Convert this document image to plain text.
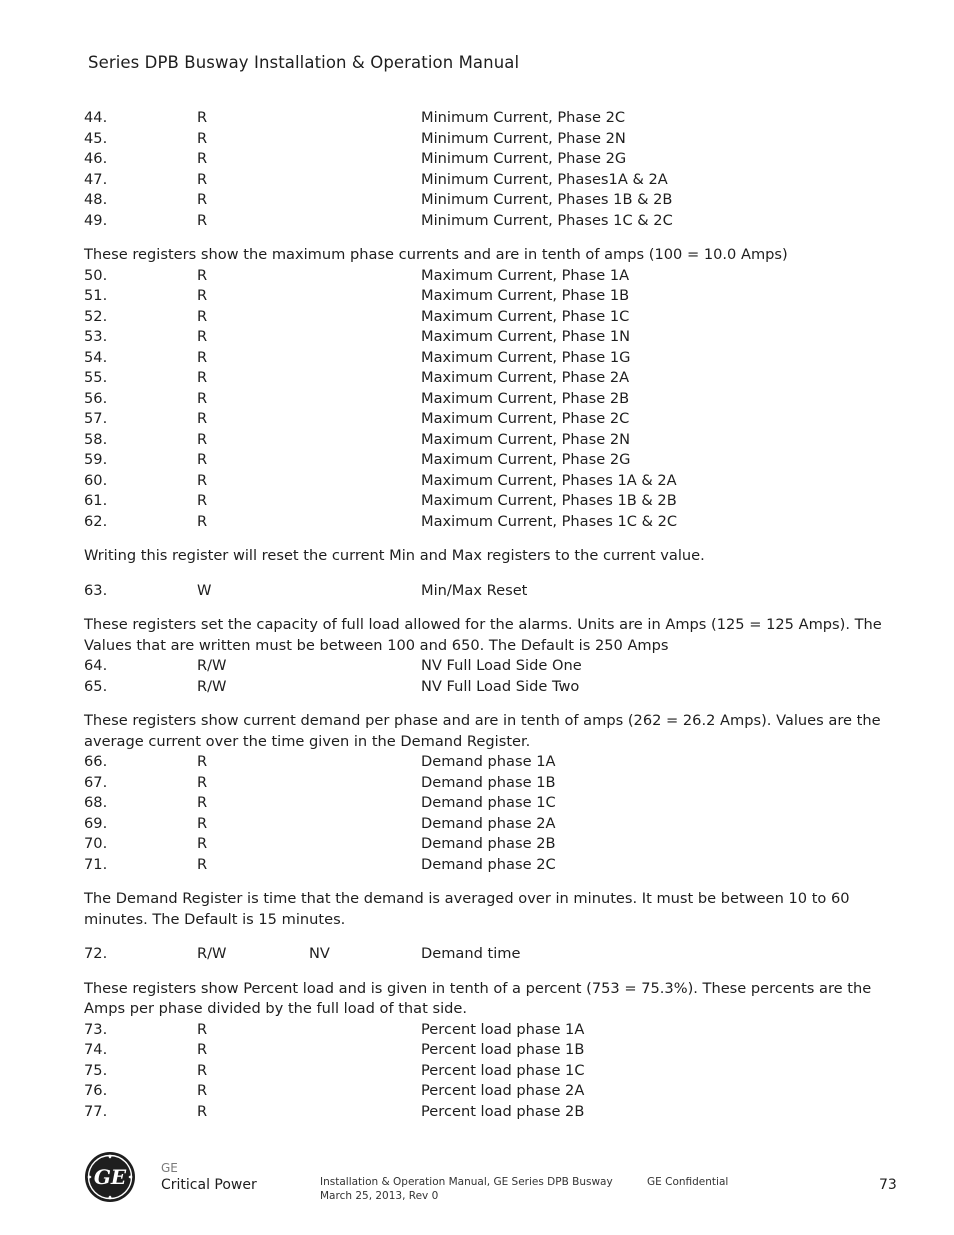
Series DPB Busway Installation & Operation Manual
44.	R	Minimum Current, Phase 2C
45.	R	Minimum Current, Phase 2N
46.	R	Minimum Current, Phase 2G
47.	R	Minimum Current, Phases1A & 2A
48.	R	Minimum Current, Phases 1B & 2B
49.	R	Minimum Current, Phases 1C & 2C
These registers show the maximum phase currents and are in tenth of amps (100 = 10.0 Amps)
50.	R	Maximum Current, Phase 1A
51.	R	Maximum Current, Phase 1B
52.	R	Maximum Current, Phase 1C
53.	R	Maximum Current, Phase 1N
54.	R	Maximum Current, Phase 1G
55.	R	Maximum Current, Phase 2A
56.	R	Maximum Current, Phase 2B
57.	R	Maximum Current, Phase 2C
58.	R	Maximum Current, Phase 2N
59.	R	Maximum Current, Phase 2G
60.	R	Maximum Current, Phases 1A & 2A
61.	R	Maximum Current, Phases 1B & 2B
62.	R	Maximum Current, Phases 1C & 2C
Writing this register will reset the current Min and Max registers to the current value.
63.	W	Min/Max Reset
These registers set the capacity of full load allowed for the alarms. Units are in Amps (125 = 125 Amps). The Values that are written must be between 100 and 650. The Default is 250 Amps
64.	R/W	NV Full Load Side One
65.	R/W	NV Full Load Side Two
These registers show current demand per phase and are in tenth of amps (262 = 26.2 Amps). Values are the average current over the time given in the Demand Register.
66.	R	Demand phase 1A
67.	R	Demand phase 1B
68.	R	Demand phase 1C
69.	R	Demand phase 2A
70.	R	Demand phase 2B
71.	R	Demand phase 2C
The Demand Register is time that the demand is averaged over in minutes. It must be between 10 to 60 minutes. The Default is 15 minutes.
72.	R/W	NV	Demand time
These registers show Percent load and is given in tenth of a percent (753 = 75.3%). These percents are the Amps per phase divided by the full load of that side.
73.	R	Percent load phase 1A
74.	R	Percent load phase 1B
75.	R	Percent load phase 1C
76.	R	Percent load phase 2A
77.	R	Percent load phase 2B
GE	GE
Critical Power	Installation & Operation Manual, GE Series DPB Busway
March 25, 2013, Rev 0
GE Confidential	73
